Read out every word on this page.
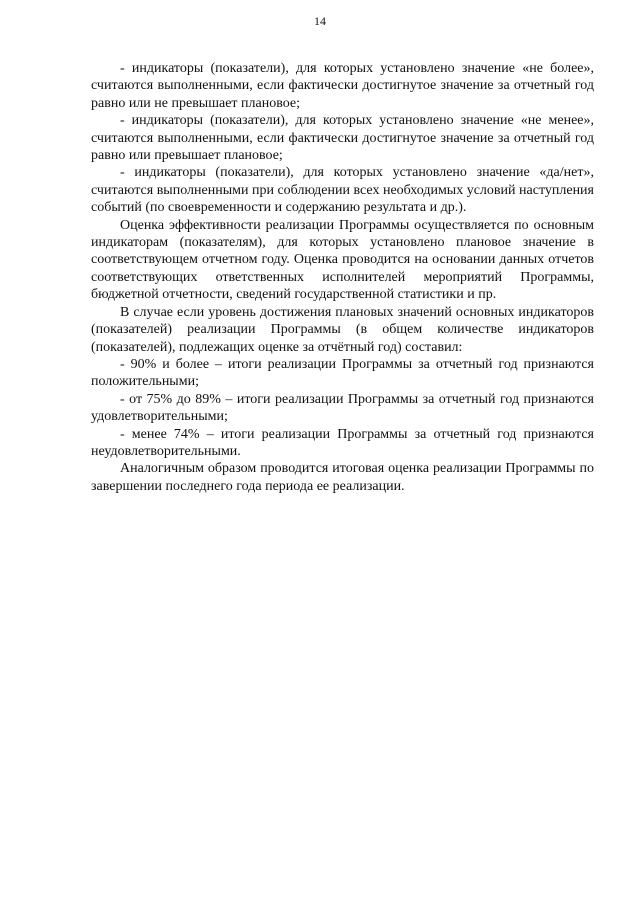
14

- индикаторы (показатели), для которых установлено значение «не более», считаются выполненными, если фактически достигнутое значение за отчетный год равно или не превышает плановое;

- индикаторы (показатели), для которых установлено значение «не менее», считаются выполненными, если фактически достигнутое значение за отчетный год равно или превышает плановое;

- индикаторы (показатели), для которых установлено значение «да/нет», считаются выполненными при соблюдении всех необходимых условий наступления событий (по своевременности и содержанию результата и др.).

Оценка эффективности реализации Программы осуществляется по основным индикаторам (показателям), для которых установлено плановое значение в соответствующем отчетном году. Оценка проводится на основании данных отчетов соответствующих ответственных исполнителей мероприятий Программы, бюджетной отчетности, сведений государственной статистики и пр.

В случае если уровень достижения плановых значений основных индикаторов (показателей) реализации Программы (в общем количестве индикаторов (показателей), подлежащих оценке за отчётный год) составил:

- 90% и более – итоги реализации Программы за отчетный год признаются положительными;

- от 75% до 89% – итоги реализации Программы за отчетный год признаются удовлетворительными;

- менее 74% – итоги реализации Программы за отчетный год признаются неудовлетворительными.

Аналогичным образом проводится итоговая оценка реализации Программы по завершении последнего года периода ее реализации.
